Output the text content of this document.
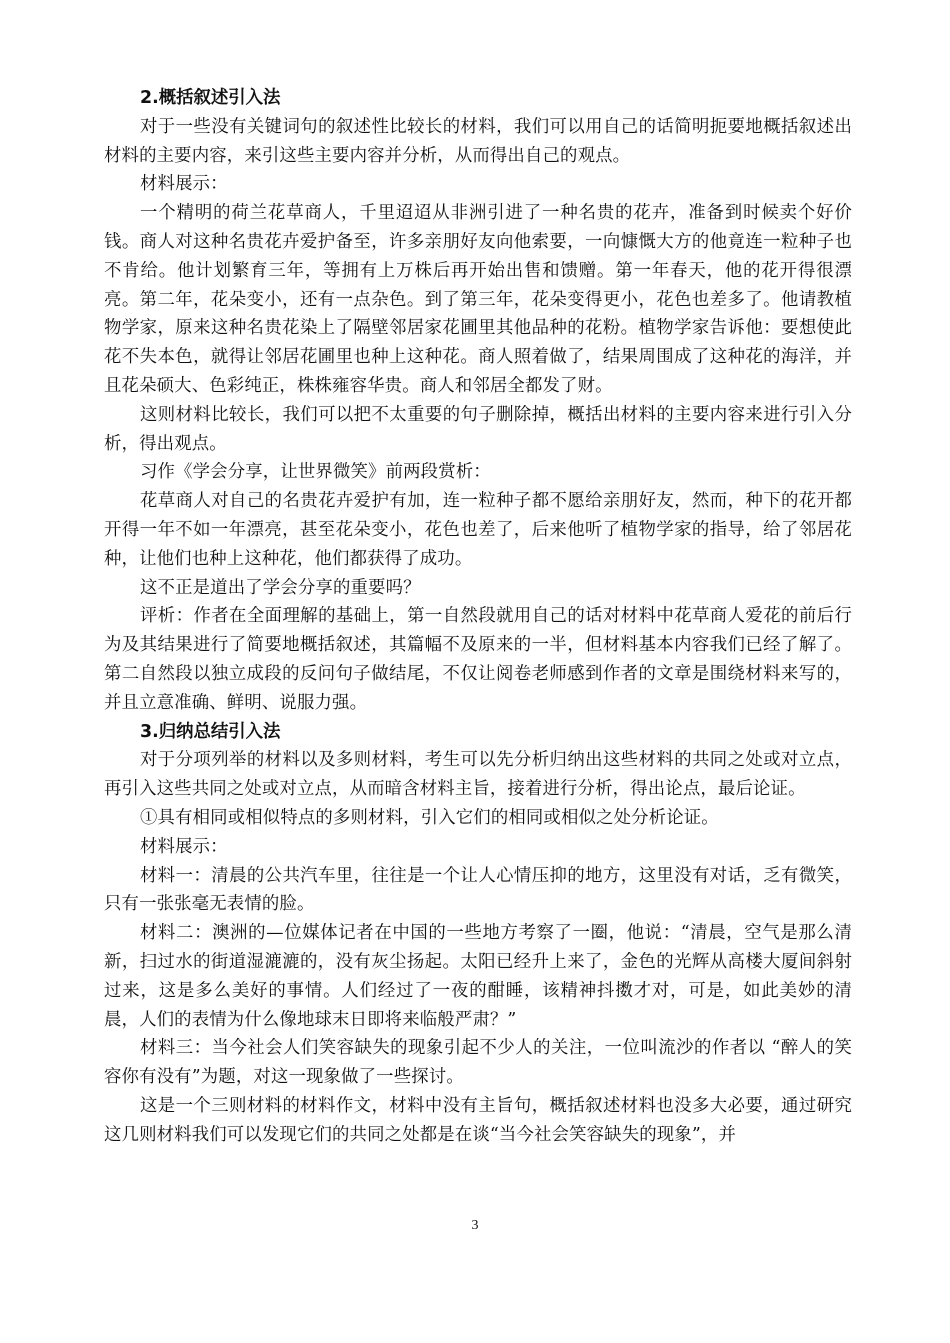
2.概括叙述引入法

对于一些没有关键词句的叙述性比较长的材料，我们可以用自己的话简明扼要地概括叙述出材料的主要内容，来引这些主要内容并分析，从而得出自己的观点。

材料展示：

一个精明的荷兰花草商人，千里迢迢从非洲引进了一种名贵的花卉，准备到时候卖个好价钱。商人对这种名贵花卉爱护备至，许多亲朋好友向他索要，一向慷慨大方的他竟连一粒种子也不肯给。他计划繁育三年，等拥有上万株后再开始出售和馈赠。第一年春天，他的花开得很漂亮。第二年，花朵变小，还有一点杂色。到了第三年，花朵变得更小，花色也差多了。他请教植物学家，原来这种名贵花染上了隔壁邻居家花圃里其他品种的花粉。植物学家告诉他：要想使此花不失本色，就得让邻居花圃里也种上这种花。商人照着做了，结果周围成了这种花的海洋，并且花朵硕大、色彩纯正，株株雍容华贵。商人和邻居全都发了财。

这则材料比较长，我们可以把不太重要的句子删除掉，概括出材料的主要内容来进行引入分析，得出观点。

习作《学会分享，让世界微笑》前两段赏析：

花草商人对自己的名贵花卉爱护有加，连一粒种子都不愿给亲朋好友，然而，种下的花开都开得一年不如一年漂亮，甚至花朵变小，花色也差了，后来他听了植物学家的指导，给了邻居花种，让他们也种上这种花，他们都获得了成功。

这不正是道出了学会分享的重要吗？

评析：作者在全面理解的基础上，第一自然段就用自己的话对材料中花草商人爱花的前后行为及其结果进行了简要地概括叙述，其篇幅不及原来的一半，但材料基本内容我们已经了解了。第二自然段以独立成段的反问句子做结尾，不仅让阅卷老师感到作者的文章是围绕材料来写的，并且立意准确、鲜明、说服力强。

3.归纳总结引入法

对于分项列举的材料以及多则材料，考生可以先分析归纳出这些材料的共同之处或对立点，再引入这些共同之处或对立点，从而暗含材料主旨，接着进行分析，得出论点，最后论证。

①具有相同或相似特点的多则材料，引入它们的相同或相似之处分析论证。

材料展示：

材料一：清晨的公共汽车里，往往是一个让人心情压抑的地方，这里没有对话，乏有微笑，只有一张张毫无表情的脸。

材料二：澳洲的—位媒体记者在中国的一些地方考察了一圈，他说：“清晨，空气是那么清新，扫过水的街道湿漉漉的，没有灰尘扬起。太阳已经升上来了，金色的光辉从高楼大厦间斜射过来，这是多么美好的事情。人们经过了一夜的酣睡，该精神抖擞才对，可是，如此美妙的清晨，人们的表情为什么像地球末日即将来临般严肃？”

材料三：当今社会人们笑容缺失的现象引起不少人的关注，一位叫流沙的作者以 “醉人的笑容你有没有”为题，对这一现象做了一些探讨。

这是一个三则材料的材料作文，材料中没有主旨句，概括叙述材料也没多大必要，通过研究这几则材料我们可以发现它们的共同之处都是在谈“当今社会笑容缺失的现象”，并

3
